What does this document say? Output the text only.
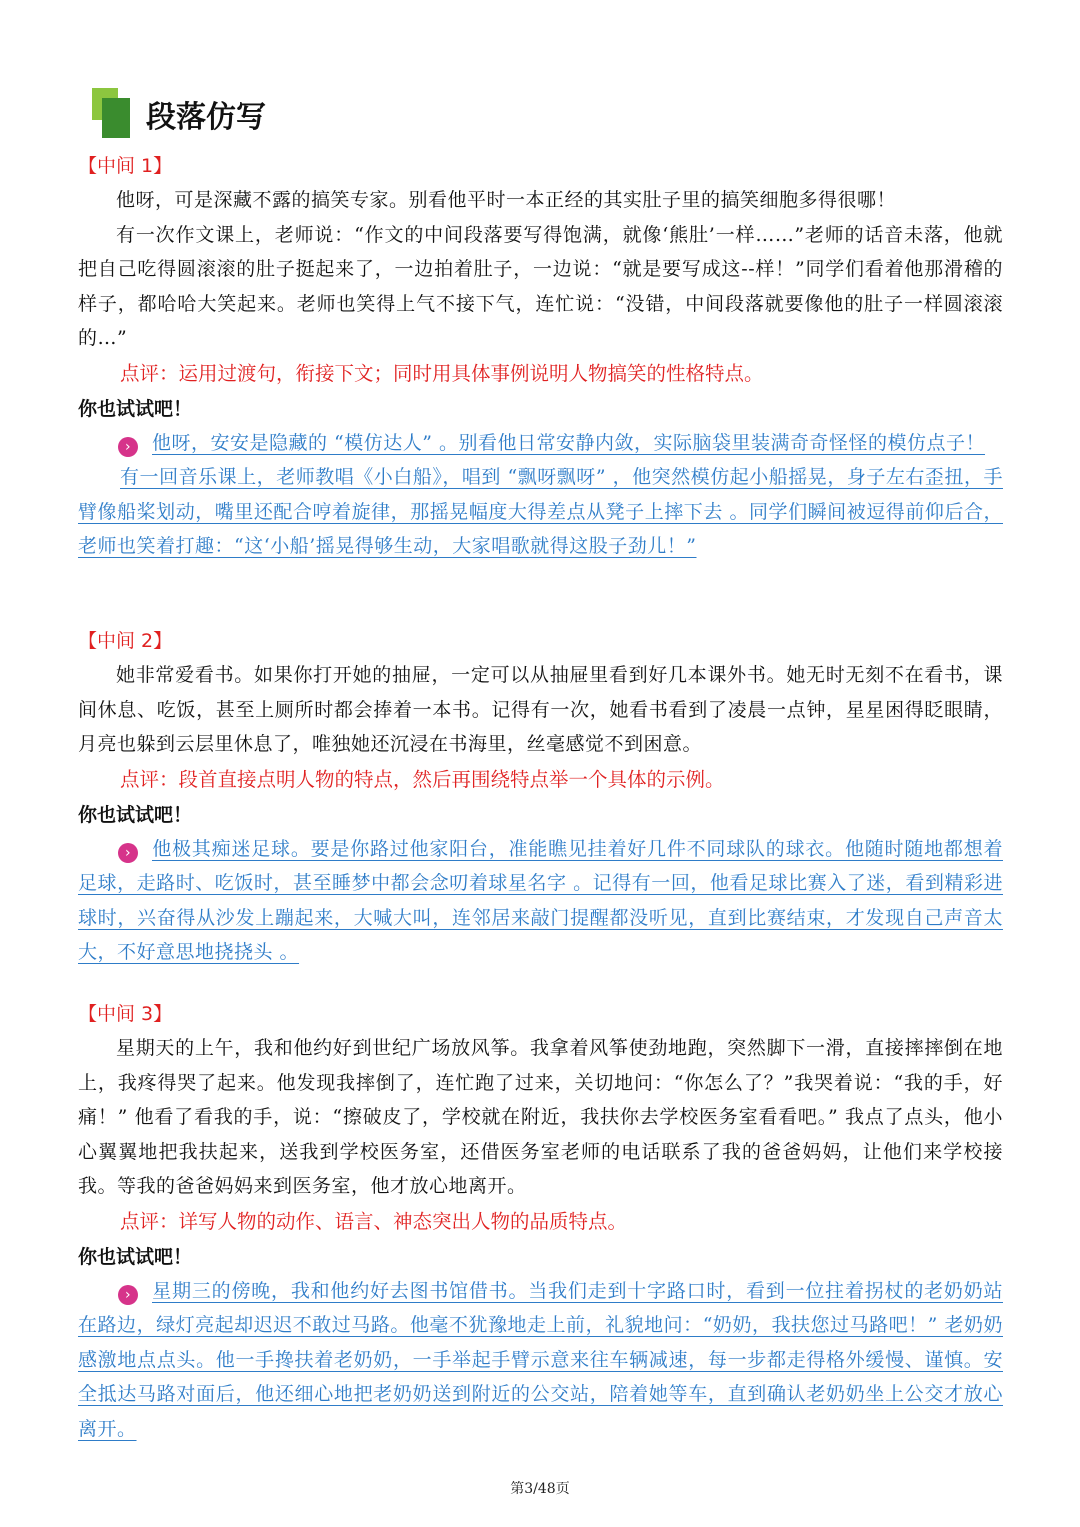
段落仿写
【中间 1】

他呀，可是深藏不露的搞笑专家。别看他平时一本正经的其实肚子里的搞笑细胞多得很哪！

有一次作文课上，老师说：“作文的中间段落要写得饱满，就像‘熊肚’一样……”老师的话音未落，他就把自己吃得圆滚滚的肚子挺起来了，一边拍着肚子，一边说：“就是要写成这--样！”同学们看着他那滑稽的样子，都哈哈大笑起来。老师也笑得上气不接下气，连忙说：“没错，中间段落就要像他的肚子一样圆滚滚的…”

点评：运用过渡句，衔接下文；同时用具体事例说明人物搞笑的性格特点。
你也试试吧！

› 他呀，安安是隐藏的 “模仿达人” 。别看他日常安静内敛，实际脑袋里装满奇奇怪怪的模仿点子！

有一回音乐课上，老师教唱《小白船》，唱到 “飘呀飘呀” ，他突然模仿起小船摇晃，身子左右歪扭，手臂像船桨划动，嘴里还配合哼着旋律，那摇晃幅度大得差点从凳子上摔下去 。同学们瞬间被逗得前仰后合，老师也笑着打趣：“这‘小船’摇晃得够生动，大家唱歌就得这股子劲儿！”

【中间 2】

她非常爱看书。如果你打开她的抽屉，一定可以从抽屉里看到好几本课外书。她无时无刻不在看书，课间休息、吃饭，甚至上厕所时都会捧着一本书。记得有一次，她看书看到了凌晨一点钟，星星困得眨眼睛，月亮也躲到云层里休息了，唯独她还沉浸在书海里，丝毫感觉不到困意。

点评：段首直接点明人物的特点，然后再围绕特点举一个具体的示例。
你也试试吧！

› 他极其痴迷足球。要是你路过他家阳台，准能瞧见挂着好几件不同球队的球衣。他随时随地都想着足球，走路时、吃饭时，甚至睡梦中都会念叨着球星名字 。记得有一回，他看足球比赛入了迷，看到精彩进球时，兴奋得从沙发上蹦起来，大喊大叫，连邻居来敲门提醒都没听见，直到比赛结束，才发现自己声音太大，不好意思地挠挠头 。

【中间 3】

星期天的上午，我和他约好到世纪广场放风筝。我拿着风筝使劲地跑，突然脚下一滑，直接摔摔倒在地上，我疼得哭了起来。他发现我摔倒了，连忙跑了过来，关切地问：“你怎么了？”我哭着说：“我的手，好痛！” 他看了看我的手，说：“擦破皮了，学校就在附近，我扶你去学校医务室看看吧。” 我点了点头，他小心翼翼地把我扶起来，送我到学校医务室，还借医务室老师的电话联系了我的爸爸妈妈，让他们来学校接我。等我的爸爸妈妈来到医务室，他才放心地离开。

点评：详写人物的动作、语言、神态突出人物的品质特点。
你也试试吧！

› 星期三的傍晚，我和他约好去图书馆借书。当我们走到十字路口时，看到一位拄着拐杖的老奶奶站在路边，绿灯亮起却迟迟不敢过马路。他毫不犹豫地走上前，礼貌地问：“奶奶，我扶您过马路吧！” 老奶奶感激地点点头。他一手搀扶着老奶奶，一手举起手臂示意来往车辆减速，每一步都走得格外缓慢、谨慎。安全抵达马路对面后，他还细心地把老奶奶送到附近的公交站，陪着她等车，直到确认老奶奶坐上公交才放心离开。

第3/48页
